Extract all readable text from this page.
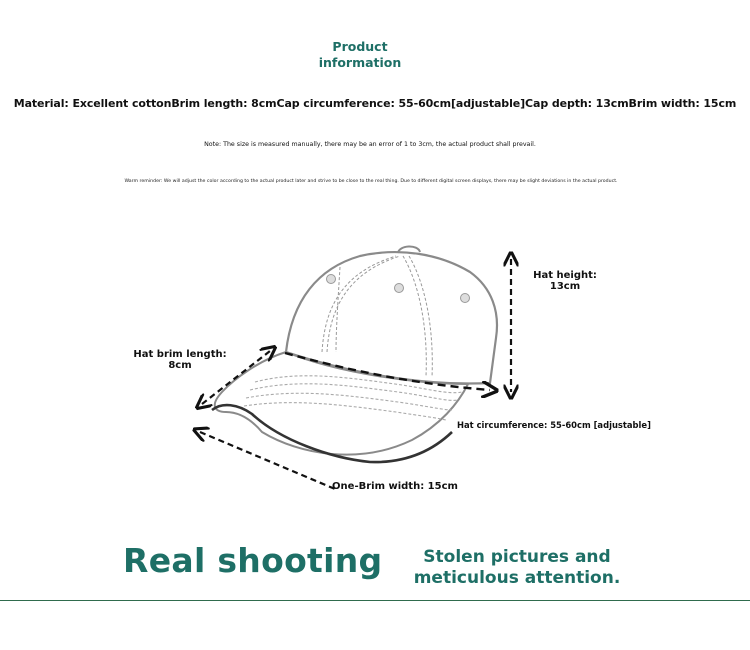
Product
information
Material: Excellent cottonBrim length: 8cmCap circumference: 55-60cm[adjustable]Cap depth: 13cmBrim width: 15cm
Note: The size is measured manually, there may be an error of 1 to 3cm, the actual product shall prevail.
Warm reminder: We will adjust the color according to the actual product later and strive to be close to the real thing. Due to different digital screen displays, there may be slight deviations in the actual product.
Hat height:
13cm
Hat brim length:
8cm
Hat circumference: 55-60cm [adjustable]
One-Brim width: 15cm
Real shooting	Stolen pictures and
meticulous attention.
